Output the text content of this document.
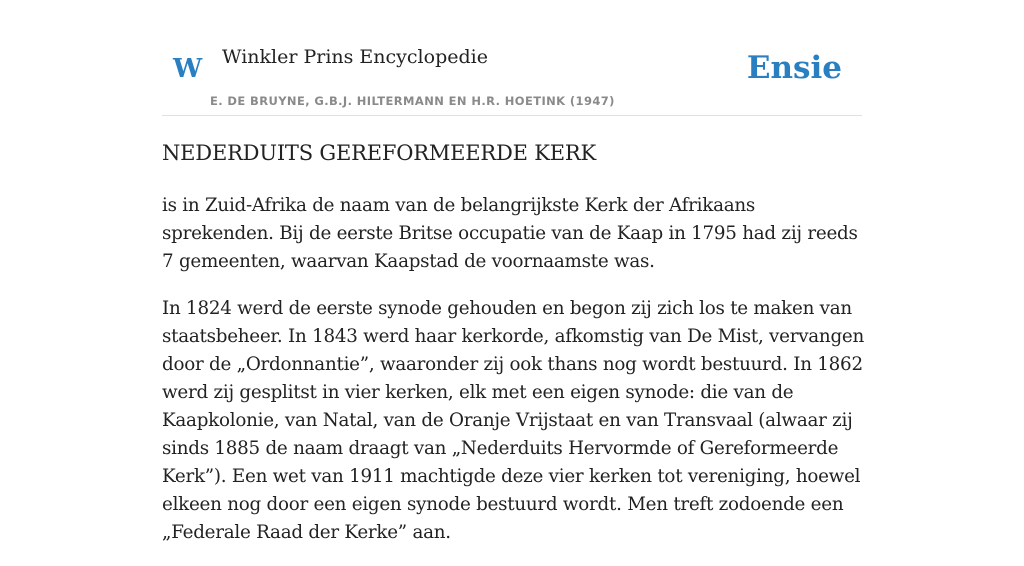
W Winkler Prins Encyclopedie
E. DE BRUYNE, G.B.J. HILTERMANN EN H.R. HOETINK (1947)
Ensie
NEDERDUITS GEREFORMEERDE KERK

is in Zuid-Afrika de naam van de belangrijkste Kerk der Afrikaans sprekenden. Bij de eerste Britse occupatie van de Kaap in 1795 had zij reeds 7 gemeenten, waarvan Kaapstad de voornaamste was.

In 1824 werd de eerste synode gehouden en begon zij zich los te maken van staatsbeheer. In 1843 werd haar kerkorde, afkomstig van De Mist, vervangen door de „Ordonnantie”, waaronder zij ook thans nog wordt bestuurd. In 1862 werd zij gesplitst in vier kerken, elk met een eigen synode: die van de Kaapkolonie, van Natal, van de Oranje Vrijstaat en van Transvaal (alwaar zij sinds 1885 de naam draagt van „Nederduits Hervormde of Gereformeerde Kerk”). Een wet van 1911 machtigde deze vier kerken tot vereniging, hoewel elkeen nog door een eigen synode bestuurd wordt. Men treft zodoende een „Federale Raad der Kerke” aan.
